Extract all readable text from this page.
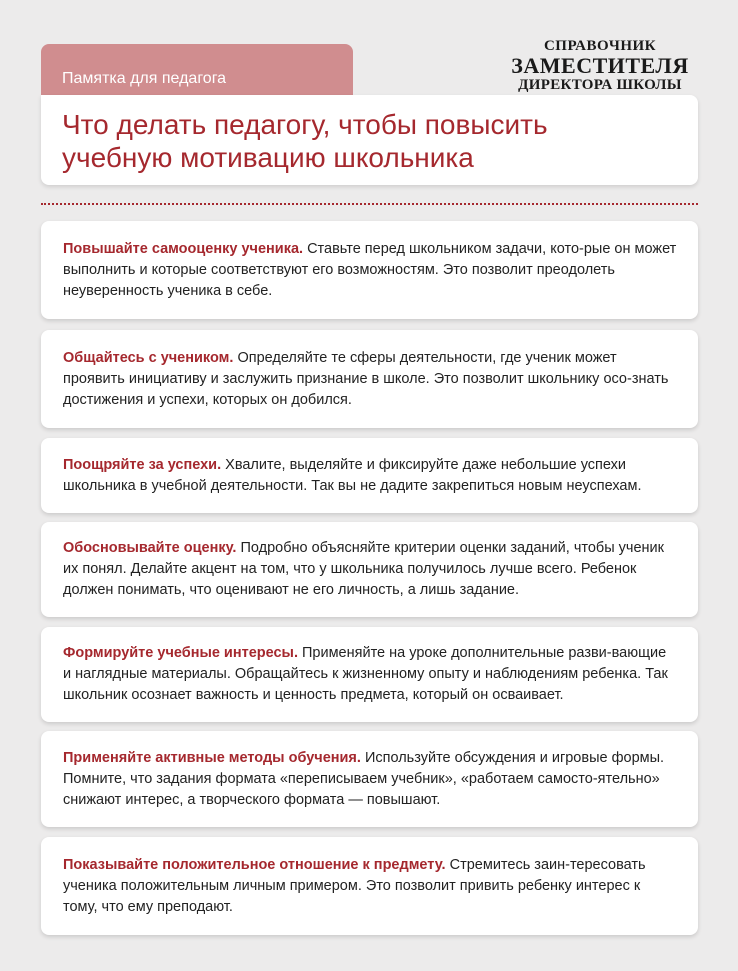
Памятка для педагога
СПРАВОЧНИК
ЗАМЕСТИТЕЛЯ
ДИРЕКТОРА ШКОЛЫ
Что делать педагогу, чтобы повысить
учебную мотивацию школьника

Повышайте самооценку ученика. Ставьте перед школьником задачи, кото-рые он может выполнить и которые соответствуют его возможностям. Это позволит преодолеть неуверенность ученика в себе.

Общайтесь с учеником. Определяйте те сферы деятельности, где ученик может проявить инициативу и заслужить признание в школе. Это позволит школьнику осо-знать достижения и успехи, которых он добился.

Поощряйте за успехи. Хвалите, выделяйте и фиксируйте даже небольшие успехи школьника в учебной деятельности. Так вы не дадите закрепиться новым неуспехам.

Обосновывайте оценку. Подробно объясняйте критерии оценки заданий, чтобы ученик их понял. Делайте акцент на том, что у школьника получилось лучше всего. Ребенок должен понимать, что оценивают не его личность, а лишь задание.

Формируйте учебные интересы. Применяйте на уроке дополнительные разви-вающие и наглядные материалы. Обращайтесь к жизненному опыту и наблюдениям ребенка. Так школьник осознает важность и ценность предмета, который он осваивает.

Применяйте активные методы обучения. Используйте обсуждения и игровые формы. Помните, что задания формата «переписываем учебник», «работаем самосто-ятельно» снижают интерес, а творческого формата — повышают.

Показывайте положительное отношение к предмету. Стремитесь заин-тересовать ученика положительным личным примером. Это позволит привить ребенку интерес к тому, что ему преподают.
